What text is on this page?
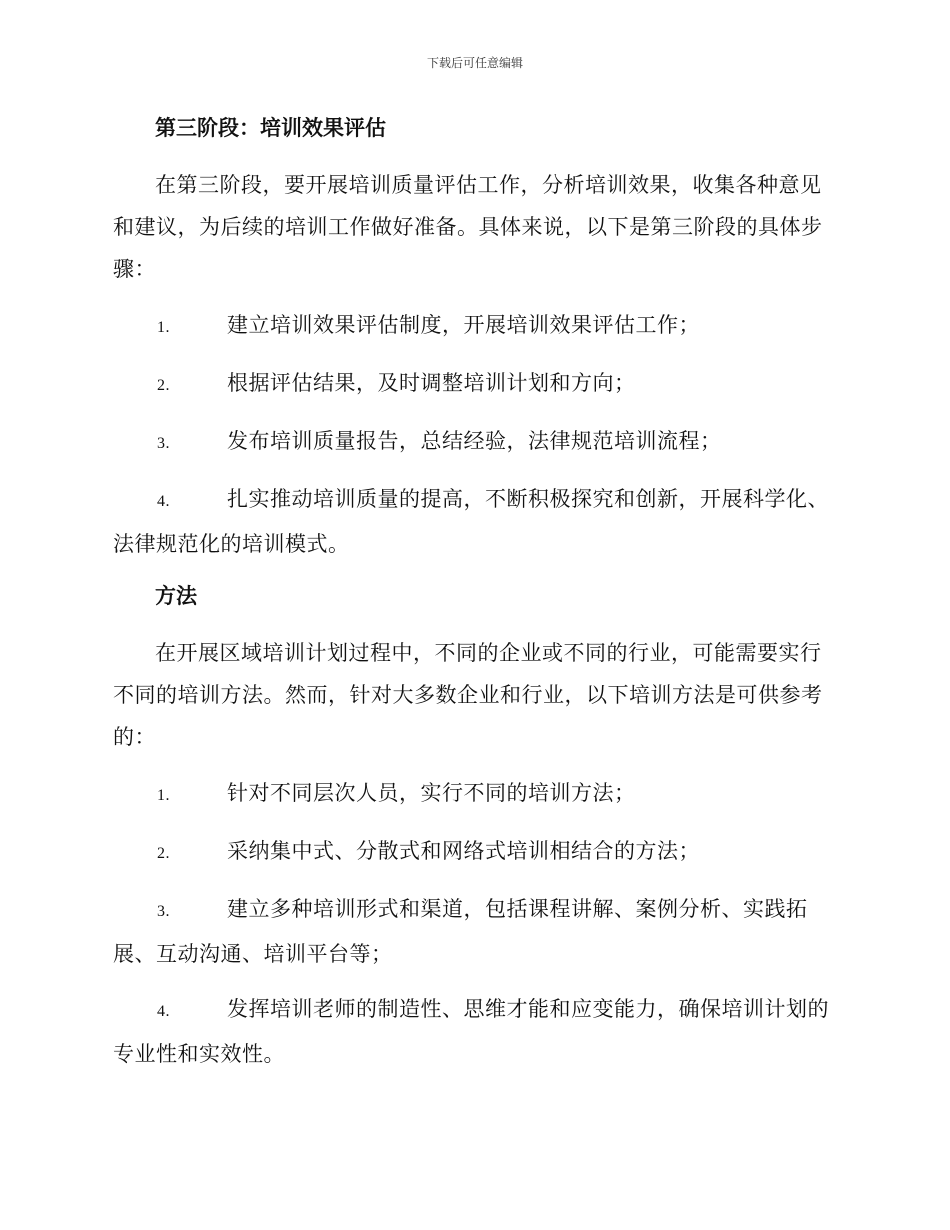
下载后可任意编辑
第三阶段：培训效果评估

在第三阶段，要开展培训质量评估工作，分析培训效果，收集各种意见和建议，为后续的培训工作做好准备。具体来说，以下是第三阶段的具体步骤：

1.	建立培训效果评估制度，开展培训效果评估工作；
2.	根据评估结果，及时调整培训计划和方向；
3.	发布培训质量报告，总结经验，法律规范培训流程；
4.	扎实推动培训质量的提高，不断积极探究和创新，开展科学化、法律规范化的培训模式。
方法

在开展区域培训计划过程中，不同的企业或不同的行业，可能需要实行不同的培训方法。然而，针对大多数企业和行业，以下培训方法是可供参考的：

1.	针对不同层次人员，实行不同的培训方法；
2.	采纳集中式、分散式和网络式培训相结合的方法；
3.	建立多种培训形式和渠道，包括课程讲解、案例分析、实践拓展、互动沟通、培训平台等；
4.	发挥培训老师的制造性、思维才能和应变能力，确保培训计划的专业性和实效性。
